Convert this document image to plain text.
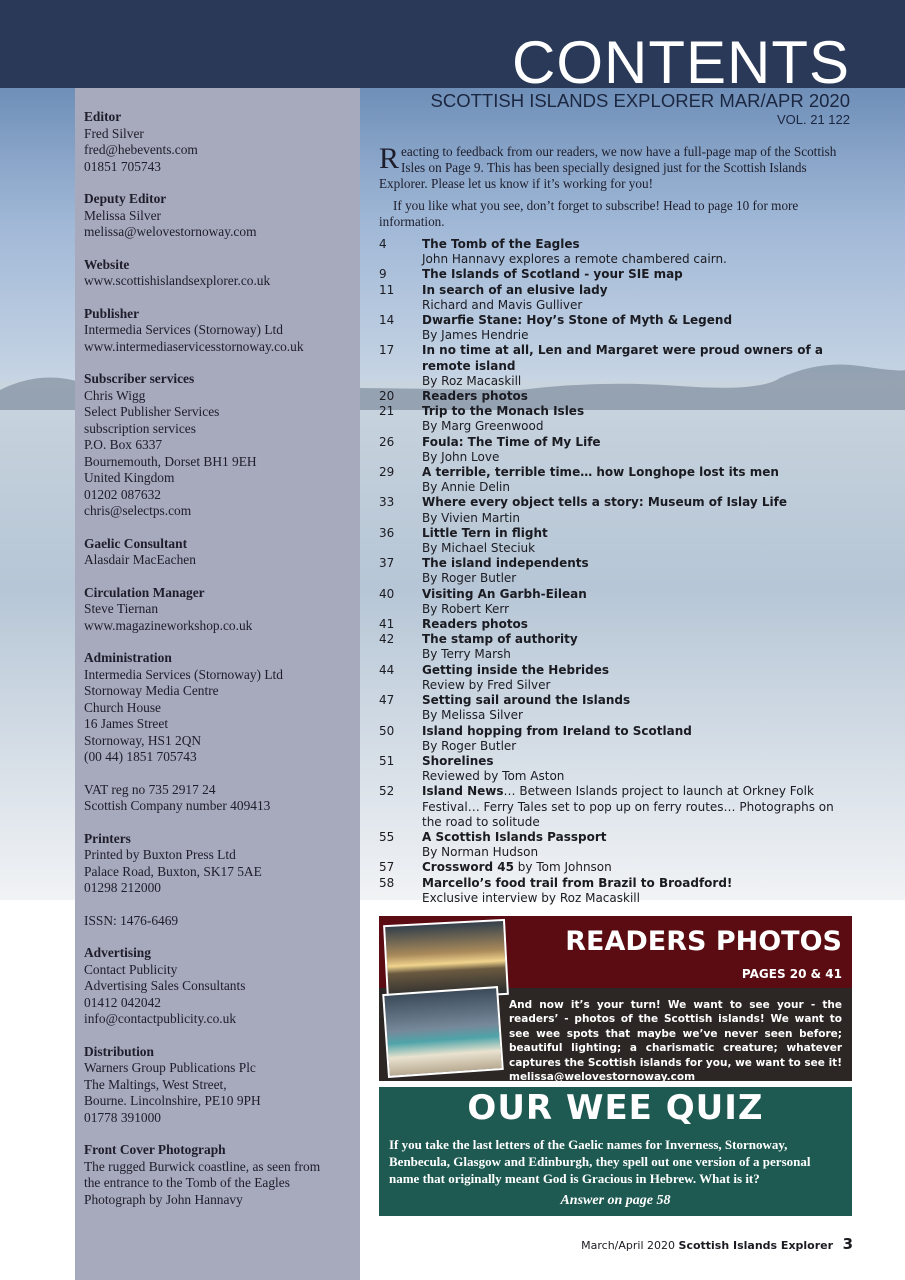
Editor
Fred Silver
fred@hebevents.com
01851 705743
Deputy Editor
Melissa Silver
melissa@welovestornoway.com
Website
www.scottishislandsexplorer.co.uk
Publisher
Intermedia Services (Stornoway) Ltd
www.intermediaservicesstornoway.co.uk
Subscriber services
Chris Wigg
Select Publisher Services
subscription services
P.O. Box 6337
Bournemouth, Dorset BH1 9EH
United Kingdom
01202 087632
chris@selectps.com
Gaelic Consultant
Alasdair MacEachen
Circulation Manager
Steve Tiernan
www.magazineworkshop.co.uk
Administration
Intermedia Services (Stornoway) Ltd
Stornoway Media Centre
Church House
16 James Street
Stornoway, HS1 2QN
(00 44) 1851 705743
VAT reg no 735 2917 24
Scottish Company number 409413
Printers
Printed by Buxton Press Ltd
Palace Road, Buxton, SK17 5AE
01298 212000
ISSN: 1476-6469
Advertising
Contact Publicity
Advertising Sales Consultants
01412 042042
info@contactpublicity.co.uk
Distribution
Warners Group Publications Plc
The Maltings, West Street,
Bourne. Lincolnshire, PE10 9PH
01778 391000
Front Cover Photograph
The rugged Burwick coastline, as seen from
the entrance to the Tomb of the Eagles
Photograph by John Hannavy
CONTENTS
SCOTTISH ISLANDS EXPLORER MAR/APR 2020
VOL. 21 122

Reacting to feedback from our readers, we now have a full-page map of the Scottish Isles on Page 9. This has been specially designed just for the Scottish Islands Explorer. Please let us know if it’s working for you!

If you like what you see, don’t forget to subscribe! Head to page 10 for more information.

4	The Tomb of the Eagles
John Hannavy explores a remote chambered cairn.
9	The Islands of Scotland - your SIE map
11	In search of an elusive lady
Richard and Mavis Gulliver
14	Dwarfie Stane: Hoy’s Stone of Myth & Legend
By James Hendrie
17	In no time at all, Len and Margaret were proud owners of a remote island
By Roz Macaskill
20	Readers photos
21	Trip to the Monach Isles
By Marg Greenwood
26	Foula: The Time of My Life
By John Love
29	A terrible, terrible time… how Longhope lost its men
By Annie Delin
33	Where every object tells a story: Museum of Islay Life
By Vivien Martin
36	Little Tern in flight
By Michael Steciuk
37	The island independents
By Roger Butler
40	Visiting An Garbh-Eilean
By Robert Kerr
41	Readers photos
42	The stamp of authority
By Terry Marsh
44	Getting inside the Hebrides
Review by Fred Silver
47	Setting sail around the Islands
By Melissa Silver
50	Island hopping from Ireland to Scotland
By Roger Butler
51	Shorelines
Reviewed by Tom Aston
52	Island News… Between Islands project to launch at Orkney Folk Festival… Ferry Tales set to pop up on ferry routes… Photographs on the road to solitude
55	A Scottish Islands Passport
By Norman Hudson
57	Crossword 45 by Tom Johnson
58	Marcello’s food trail from Brazil to Broadford!
Exclusive interview by Roz Macaskill
READERS PHOTOS
PAGES 20 & 41
And now it’s your turn! We want to see your - the readers’ - photos of the Scottish islands! We want to see wee spots that maybe we’ve never seen before; beautiful lighting; a charismatic creature; whatever captures the Scottish islands for you, we want to see it! melissa@welovestornoway.com
OUR WEE QUIZ
If you take the last letters of the Gaelic names for Inverness, Stornoway, Benbecula, Glasgow and Edinburgh, they spell out one version of a personal name that originally meant God is Gracious in Hebrew. What is it?
Answer on page 58
March/April 2020 Scottish Islands Explorer 3
